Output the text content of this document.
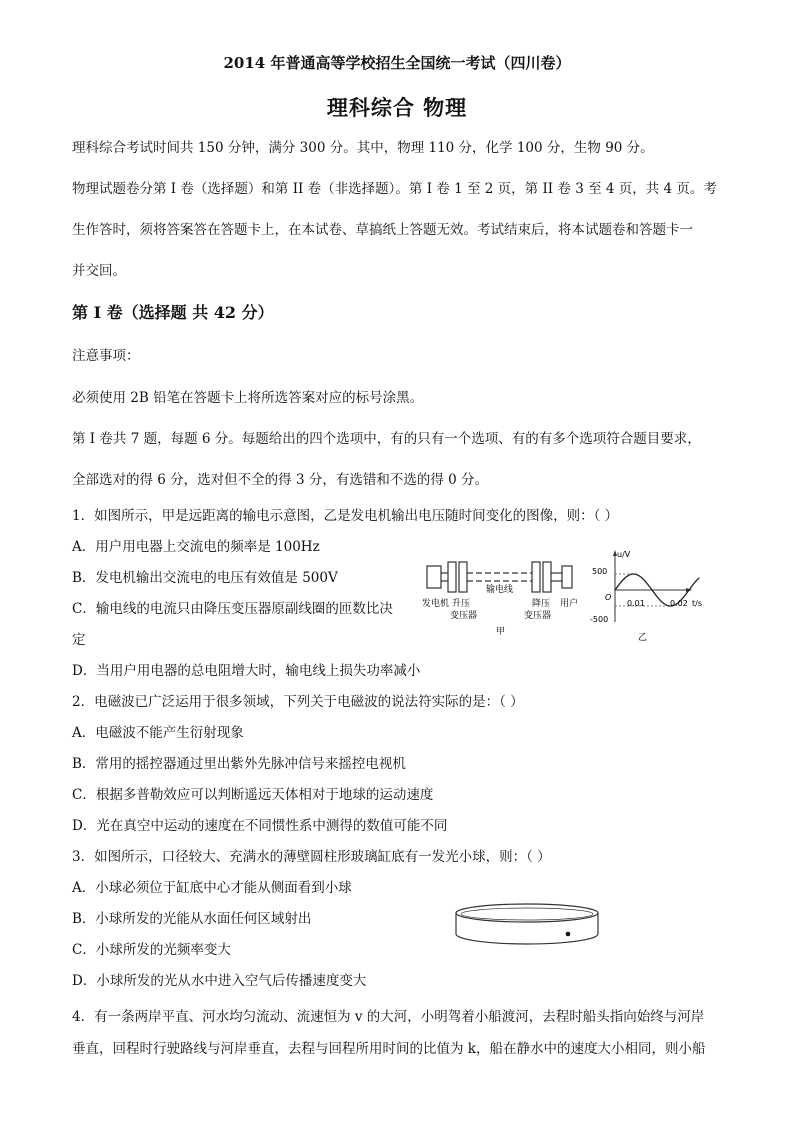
2014 年普通高等学校招生全国统一考试（四川卷）
理科综合 物理
理科综合考试时间共 150 分钟，满分 300 分。其中，物理 110 分，化学 100 分，生物 90 分。
物理试题卷分第 I 卷（选择题）和第 II 卷（非选择题）。第 I 卷 1 至 2 页，第 II 卷 3 至 4 页，共 4 页。考
生作答时，须将答案答在答题卡上，在本试卷、草搞纸上答题无效。考试结束后，将本试题卷和答题卡一
并交回。
第 I 卷（选择题 共 42 分）
注意事项：
必须使用 2B 铅笔在答题卡上将所选答案对应的标号涂黑。
第 I 卷共 7 题，每题 6 分。每题给出的四个选项中，有的只有一个选项、有的有多个选项符合题目要求，
全部选对的得 6 分，选对但不全的得 3 分，有选错和不选的得 0 分。
1．如图所示，甲是远距离的输电示意图，乙是发电机输出电压随时间变化的图像，则：（ ）
A．用户用电器上交流电的频率是 100Hz
B．发电机输出交流电的电压有效值是 500V
C．输电线的电流只由降压变压器原副线圈的匝数比决
定
D．当用户用电器的总电阻增大时，输电线上损失功率减小
发电机 升压
变压器
输电线
降压
变压器
用户
甲
u/V
500
-500
O
0.01	0.02 t/s
乙
2．电磁波已广泛运用于很多领域，下列关于电磁波的说法符实际的是：（ ）
A．电磁波不能产生衍射现象
B．常用的摇控器通过里出紫外先脉冲信号来摇控电视机
C．根据多普勒效应可以判断遥远天体相对于地球的运动速度
D．光在真空中运动的速度在不同惯性系中测得的数值可能不同
3．如图所示，口径较大、充满水的薄壁圆柱形玻璃缸底有一发光小球，则：（ ）
A．小球必须位于缸底中心才能从侧面看到小球
B．小球所发的光能从水面任何区域射出
C．小球所发的光频率变大
D．小球所发的光从水中进入空气后传播速度变大
4．有一条两岸平直、河水均匀流动、流速恒为 v 的大河，小明驾着小船渡河，去程时船头指向始终与河岸
垂直，回程时行驶路线与河岸垂直，去程与回程所用时间的比值为 k，船在静水中的速度大小相同，则小船
